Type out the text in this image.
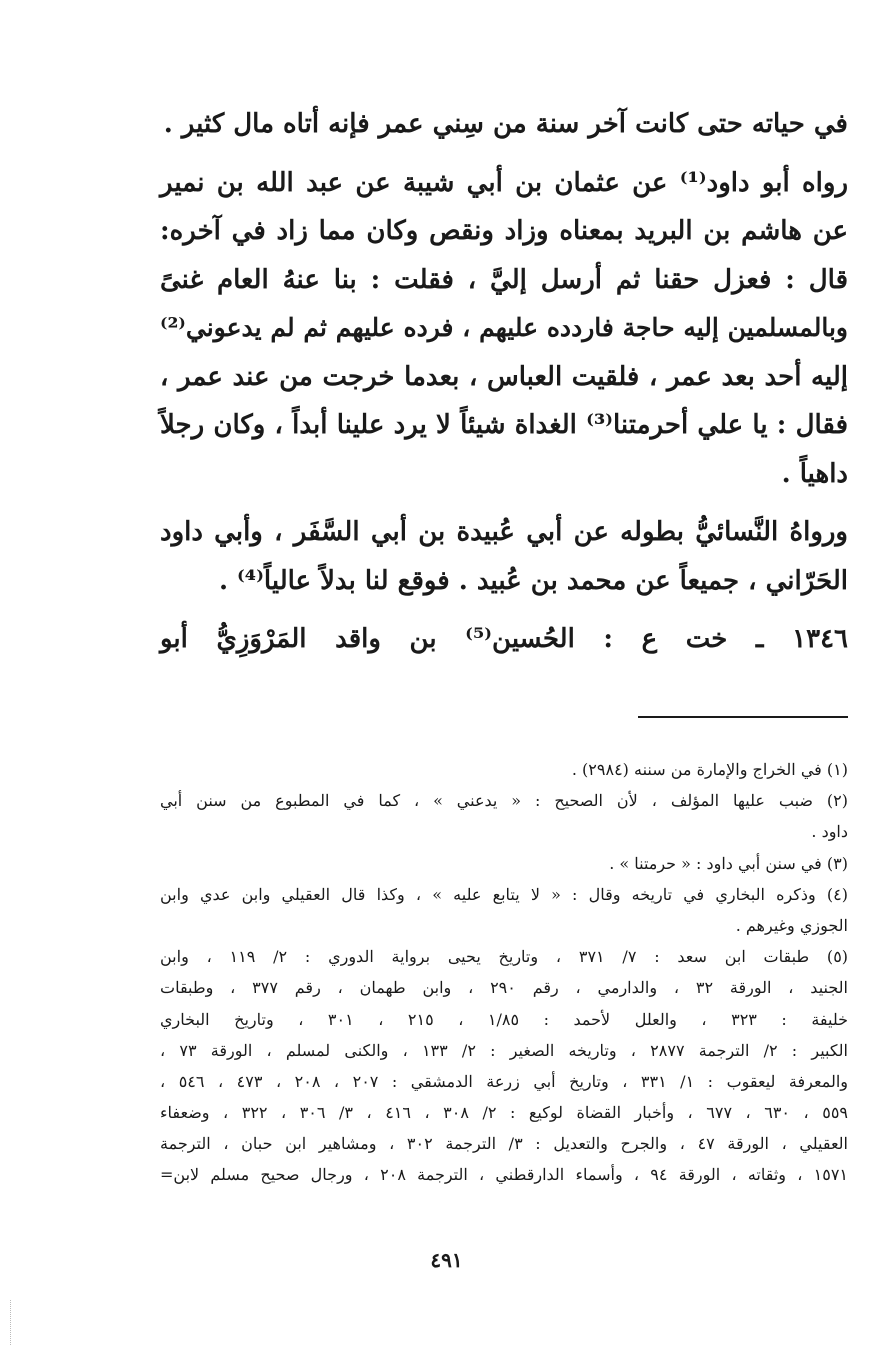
في حياته حتى كانت آخر سنة من سِني عمر فإنه أتاه مال كثير .
رواه أبو داود⁽¹⁾ عن عثمان بن أبي شيبة عن عبد الله بن نمير
عن هاشم بن البريد بمعناه وزاد ونقص وكان مما زاد في آخره:
قال : فعزل حقنا ثم أرسل إليَّ ، فقلت : بنا عنهُ العام غنىً
وبالمسلمين إليه حاجة فاردده عليهم ، فرده عليهم ثم لم يدعوني⁽²⁾
إليه أحد بعد عمر ، فلقيت العباس ، بعدما خرجت من عند عمر ،
فقال : يا علي أحرمتنا⁽³⁾ الغداة شيئاً لا يرد علينا أبداً ، وكان رجلاً
داهياً .
ورواهُ النَّسائيُّ بطوله عن أبي عُبيدة بن أبي السَّفَر ، وأبي داود
الحَرّاني ، جميعاً عن محمد بن عُبيد . فوقع لنا بدلاً عالياً⁽⁴⁾ .
١٣٤٦ ـ خت ع : الحُسين⁽⁵⁾ بن واقد المَرْوَزِيُّ أبو
(١) في الخراج والإمارة من سننه (٢٩٨٤) .
(٢) ضبب عليها المؤلف ، لأن الصحيح : « يدعني » ، كما في المطبوع من سنن أبي
داود .
(٣) في سنن أبي داود : « حرمتنا » .
(٤) وذكره البخاري في تاريخه وقال : « لا يتابع عليه » ، وكذا قال العقيلي وابن عدي وابن
الجوزي وغيرهم .
(٥) طبقات ابن سعد : ٧/ ٣٧١ ، وتاريخ يحيى برواية الدوري : ٢/ ١١٩ ، وابن
الجنيد ، الورقة ٣٢ ، والدارمي ، رقم ٢٩٠ ، وابن طهمان ، رقم ٣٧٧ ، وطبقات
خليفة : ٣٢٣ ، والعلل لأحمد : ١/٨٥ ، ٢١٥ ، ٣٠١ ، وتاريخ البخاري
الكبير : ٢/ الترجمة ٢٨٧٧ ، وتاريخه الصغير : ٢/ ١٣٣ ، والكنى لمسلم ، الورقة ٧٣ ،
والمعرفة ليعقوب : ١/ ٣٣١ ، وتاريخ أبي زرعة الدمشقي : ٢٠٧ ، ٢٠٨ ، ٤٧٣ ، ٥٤٦ ،
٥٥٩ ، ٦٣٠ ، ٦٧٧ ، وأخبار القضاة لوكيع : ٢/ ٣٠٨ ، ٤١٦ ، ٣/ ٣٠٦ ، ٣٢٢ ، وضعفاء
العقيلي ، الورقة ٤٧ ، والجرح والتعديل : ٣/ الترجمة ٣٠٢ ، ومشاهير ابن حبان ، الترجمة
١٥٧١ ، وثقاته ، الورقة ٩٤ ، وأسماء الدارقطني ، الترجمة ٢٠٨ ، ورجال صحيح مسلم لابن=
٤٩١
